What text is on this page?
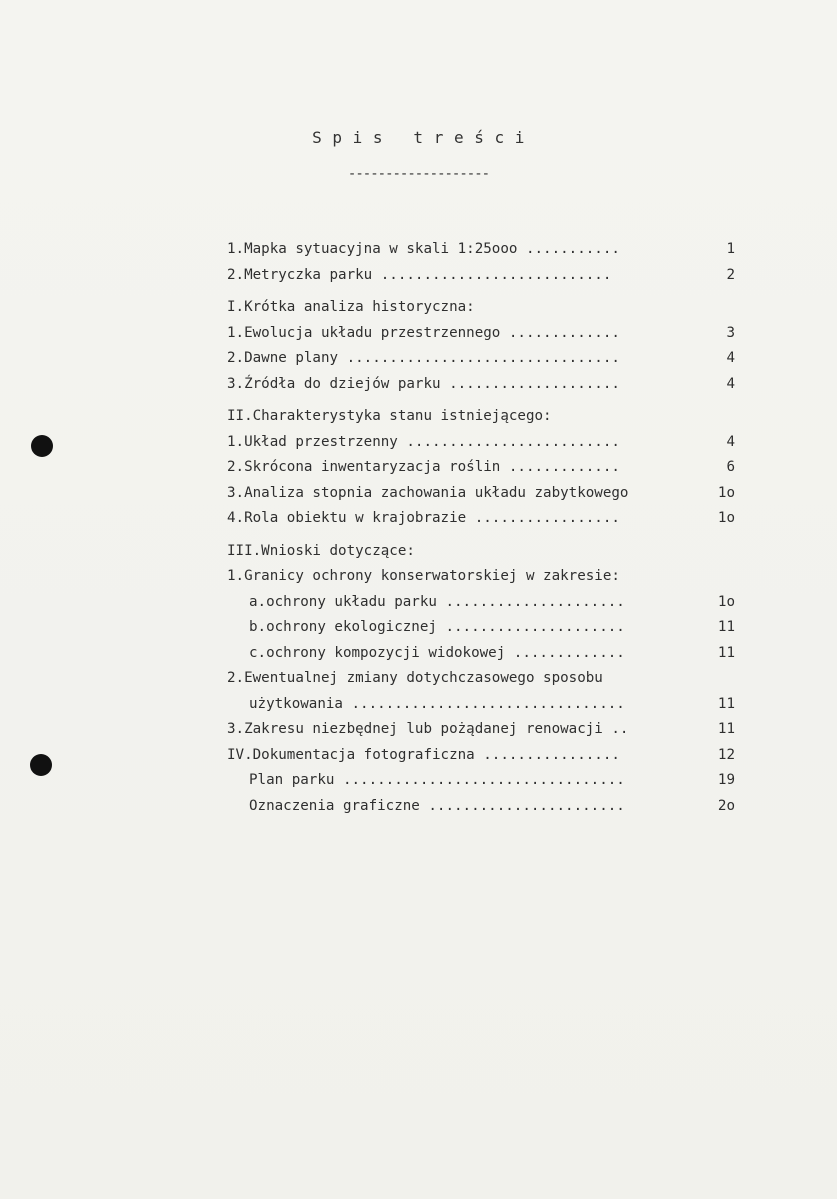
S p i s   t r e ś c i
-------------------
1.Mapka sytuacyjna w skali 1:25ooo ...........	1
2.Metryczka parku ...........................	2
I.Krótka analiza historyczna:
1.Ewolucja układu przestrzennego .............	3
2.Dawne plany ................................	4
3.Źródła do dziejów parku ....................	4
II.Charakterystyka stanu istniejącego:
1.Układ przestrzenny .........................	4
2.Skrócona inwentaryzacja roślin .............	6
3.Analiza stopnia zachowania układu zabytkowego	1o
4.Rola obiektu w krajobrazie .................	1o
III.Wnioski dotyczące:
1.Granicy ochrony konserwatorskiej w zakresie:
a.ochrony układu parku .....................	1o
b.ochrony ekologicznej .....................	11
c.ochrony kompozycji widokowej .............	11
2.Ewentualnej zmiany dotychczasowego sposobu
użytkowania ................................	11
3.Zakresu niezbędnej lub pożądanej renowacji ..	11
IV.Dokumentacja fotograficzna ................	12
Plan parku .................................	19
Oznaczenia graficzne .......................	2o
